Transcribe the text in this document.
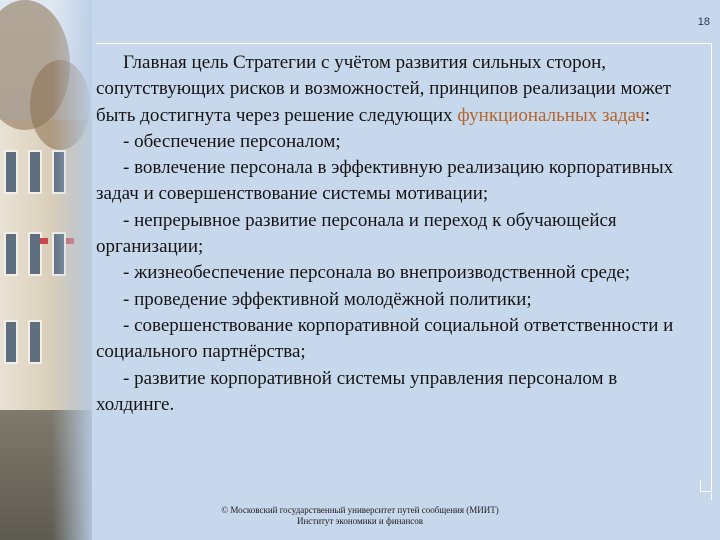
18

Главная цель Стратегии с учётом развития сильных сторон, сопутствующих рисков и возможностей, принципов реализации может быть достигнута через решение следующих функциональных задач:

- обеспечение персоналом;

- вовлечение персонала в эффективную реализацию корпоративных задач и совершенствование системы мотивации;

- непрерывное развитие персонала и переход к обучающейся организации;

- жизнеобеспечение персонала во внепроизводственной среде;

- проведение эффективной молодёжной политики;

- совершенствование корпоративной социальной ответственности и социального партнёрства;

- развитие корпоративной системы управления персоналом в холдинге.

© Московский государственный университет путей сообщения (МИИТ)
Институт экономики и финансов
